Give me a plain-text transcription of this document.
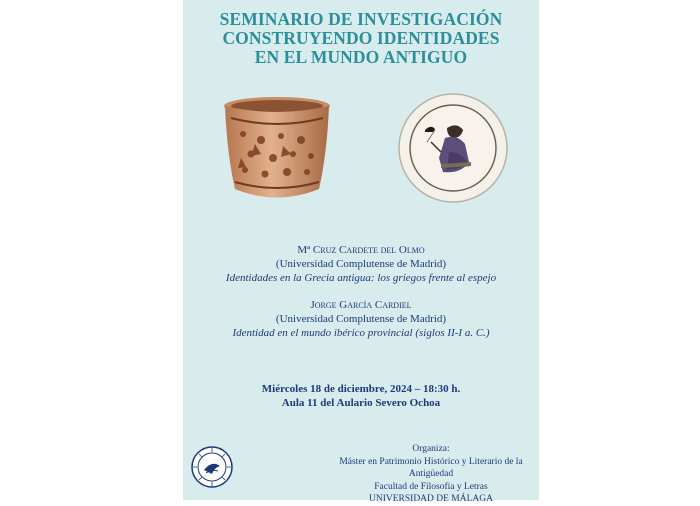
SEMINARIO DE INVESTIGACIÓN
CONSTRUYENDO IDENTIDADES
EN EL MUNDO ANTIGUO
Mª Cruz Cardete del Olmo
(Universidad Complutense de Madrid)
Identidades en la Grecia antigua: los griegos frente al espejo
Jorge García Cardiel
(Universidad Complutense de Madrid)
Identidad en el mundo ibérico provincial (siglos II-I a. C.)
Miércoles 18 de diciembre, 2024 – 18:30 h.
Aula 11 del Aulario Severo Ochoa
Organiza:
Máster en Patrimonio Histórico y Literario de la Antigüedad
Facultad de Filosofía y Letras
UNIVERSIDAD DE MÁLAGA
